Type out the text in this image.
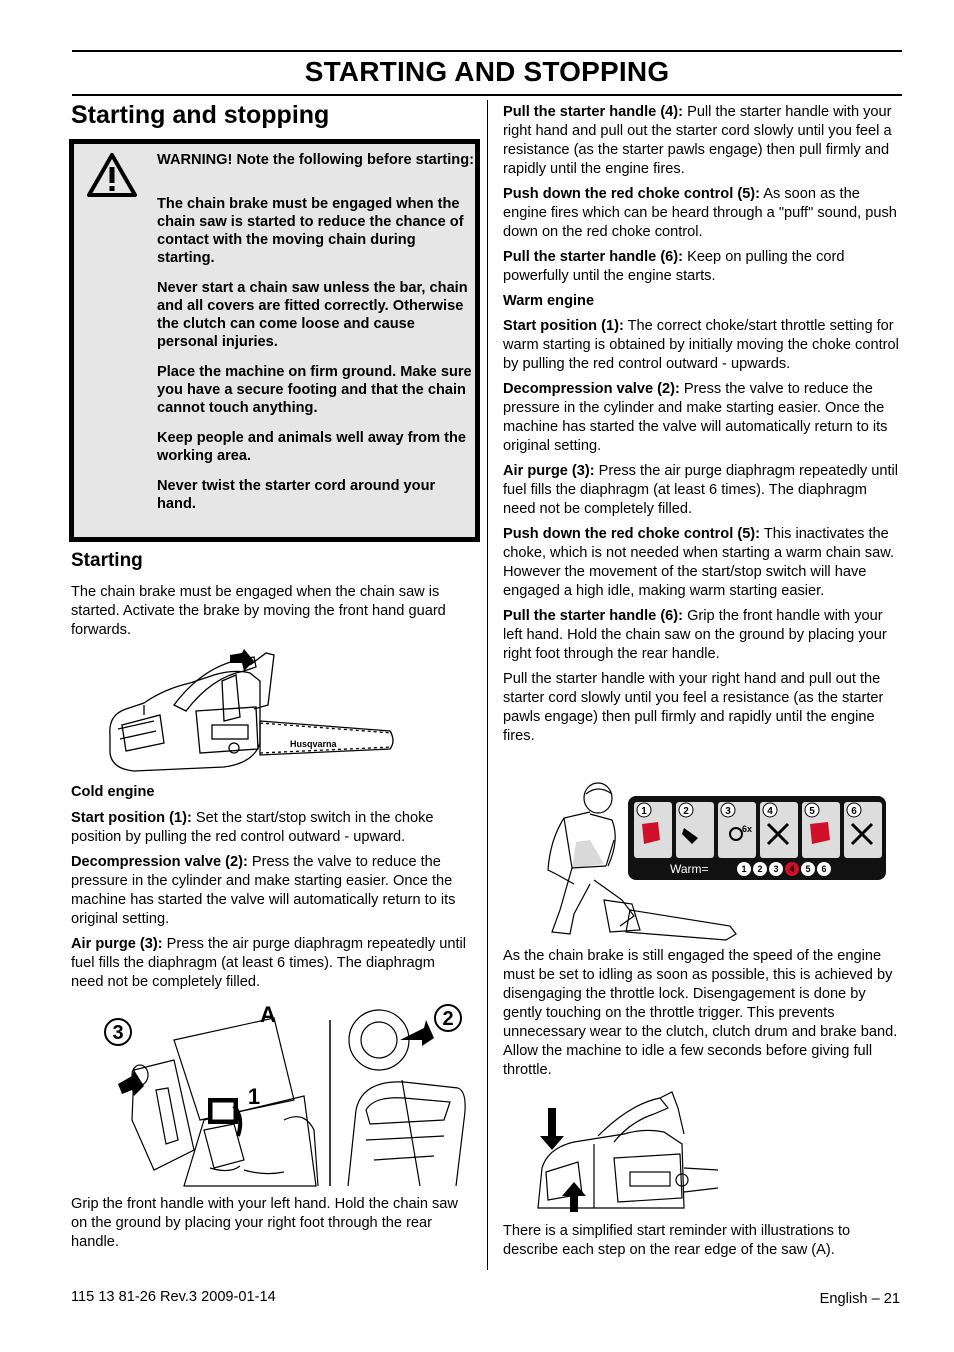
STARTING AND STOPPING
Starting and stopping

WARNING! Note the following before starting:

The chain brake must be engaged when the chain saw is started to reduce the chance of contact with the moving chain during starting.

Never start a chain saw unless the bar, chain and all covers are fitted correctly. Otherwise the clutch can come loose and cause personal injuries.

Place the machine on firm ground. Make sure you have a secure footing and that the chain cannot touch anything.

Keep people and animals well away from the working area.

Never twist the starter cord around your hand.

Starting

The chain brake must be engaged when the chain saw is started. Activate the brake by moving the front hand guard forwards.

Husqvarna
Cold engine

Start position (1): Set the start/stop switch in the choke position by pulling the red control outward - upward.

Decompression valve (2): Press the valve to reduce the pressure in the cylinder and make starting easier. Once the machine has started the valve will automatically return to its original setting.

Air purge (3): Press the air purge diaphragm repeatedly until fuel fills the diaphragm (at least 6 times). The diaphragm need not be completely filled.

3
A	2
1

Grip the front handle with your left hand. Hold the chain saw on the ground by placing your right foot through the rear handle.

Pull the starter handle (4): Pull the starter handle with your right hand and pull out the starter cord slowly until you feel a resistance (as the starter pawls engage) then pull firmly and rapidly until the engine fires.

Push down the red choke control (5): As soon as the engine fires which can be heard through a "puff" sound, push down on the red choke control.

Pull the starter handle (6): Keep on pulling the cord powerfully until the engine starts.

Warm engine

Start position (1): The correct choke/start throttle setting for warm starting is obtained by initially moving the choke control by pulling the red control outward - upwards.

Decompression valve (2): Press the valve to reduce the pressure in the cylinder and make starting easier. Once the machine has started the valve will automatically return to its original setting.

Air purge (3): Press the air purge diaphragm repeatedly until fuel fills the diaphragm (at least 6 times). The diaphragm need not be completely filled.

Push down the red choke control (5): This inactivates the choke, which is not needed when starting a warm chain saw. However the movement of the start/stop switch will have engaged a high idle, making warm starting easier.

Pull the starter handle (6): Grip the front handle with your left hand. Hold the chain saw on the ground by placing your right foot through the rear handle.

Pull the starter handle with your right hand and pull out the starter cord slowly until you feel a resistance (as the starter pawls engage) then pull firmly and rapidly until the engine fires.

1	2	3	4	5	6
6x
Warm=	1 2 3 4 5 6

As the chain brake is still engaged the speed of the engine must be set to idling as soon as possible, this is achieved by disengaging the throttle lock. Disengagement is done by gently touching on the throttle trigger. This prevents unnecessary wear to the clutch, clutch drum and brake band. Allow the machine to idle a few seconds before giving full throttle.

There is a simplified start reminder with illustrations to describe each step on the rear edge of the saw (A).

115 13 81-26 Rev.3 2009-01-14	English – 21
